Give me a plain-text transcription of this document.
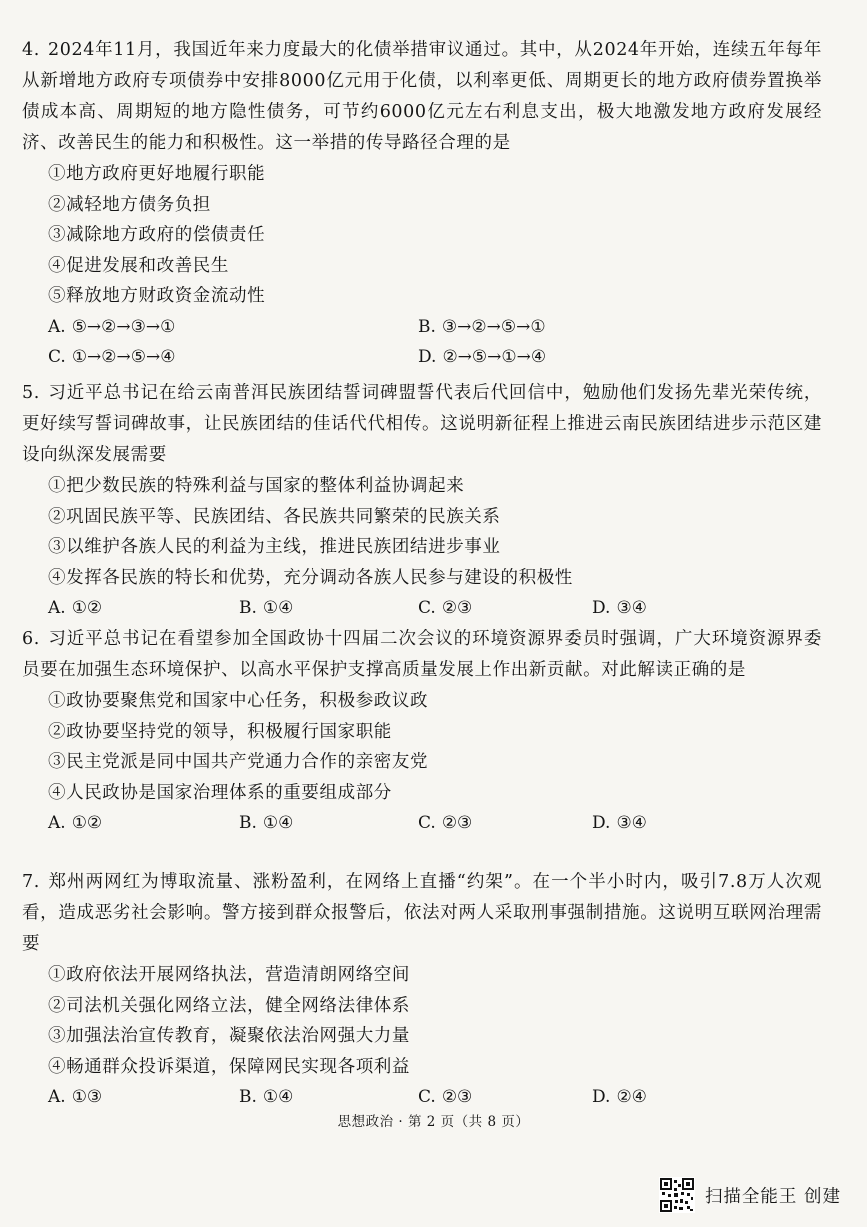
4. 2024年11月，我国近年来力度最大的化债举措审议通过。其中，从2024年开始，连续五年每年从新增地方政府专项债券中安排8000亿元用于化债，以利率更低、周期更长的地方政府债券置换举债成本高、周期短的地方隐性债务，可节约6000亿元左右利息支出，极大地激发地方政府发展经济、改善民生的能力和积极性。这一举措的传导路径合理的是

①地方政府更好地履行职能
②减轻地方债务负担
③减除地方政府的偿债责任
④促进发展和改善民生
⑤释放地方财政资金流动性
A. ⑤→②→③→①	B. ③→②→⑤→①
C. ①→②→⑤→④	D. ②→⑤→①→④

5. 习近平总书记在给云南普洱民族团结誓词碑盟誓代表后代回信中，勉励他们发扬先辈光荣传统，更好续写誓词碑故事，让民族团结的佳话代代相传。这说明新征程上推进云南民族团结进步示范区建设向纵深发展需要

①把少数民族的特殊利益与国家的整体利益协调起来
②巩固民族平等、民族团结、各民族共同繁荣的民族关系
③以维护各族人民的利益为主线，推进民族团结进步事业
④发挥各民族的特长和优势，充分调动各族人民参与建设的积极性
A. ①②	B. ①④	C. ②③	D. ③④

6. 习近平总书记在看望参加全国政协十四届二次会议的环境资源界委员时强调，广大环境资源界委员要在加强生态环境保护、以高水平保护支撑高质量发展上作出新贡献。对此解读正确的是

①政协要聚焦党和国家中心任务，积极参政议政
②政协要坚持党的领导，积极履行国家职能
③民主党派是同中国共产党通力合作的亲密友党
④人民政协是国家治理体系的重要组成部分
A. ①②	B. ①④	C. ②③	D. ③④

7. 郑州两网红为博取流量、涨粉盈利，在网络上直播“约架”。在一个半小时内，吸引7.8万人次观看，造成恶劣社会影响。警方接到群众报警后，依法对两人采取刑事强制措施。这说明互联网治理需要

①政府依法开展网络执法，营造清朗网络空间
②司法机关强化网络立法，健全网络法律体系
③加强法治宣传教育，凝聚依法治网强大力量
④畅通群众投诉渠道，保障网民实现各项利益
A. ①③	B. ①④	C. ②③	D. ②④
思想政治 · 第 2 页（共 8 页）
扫描全能王 创建
